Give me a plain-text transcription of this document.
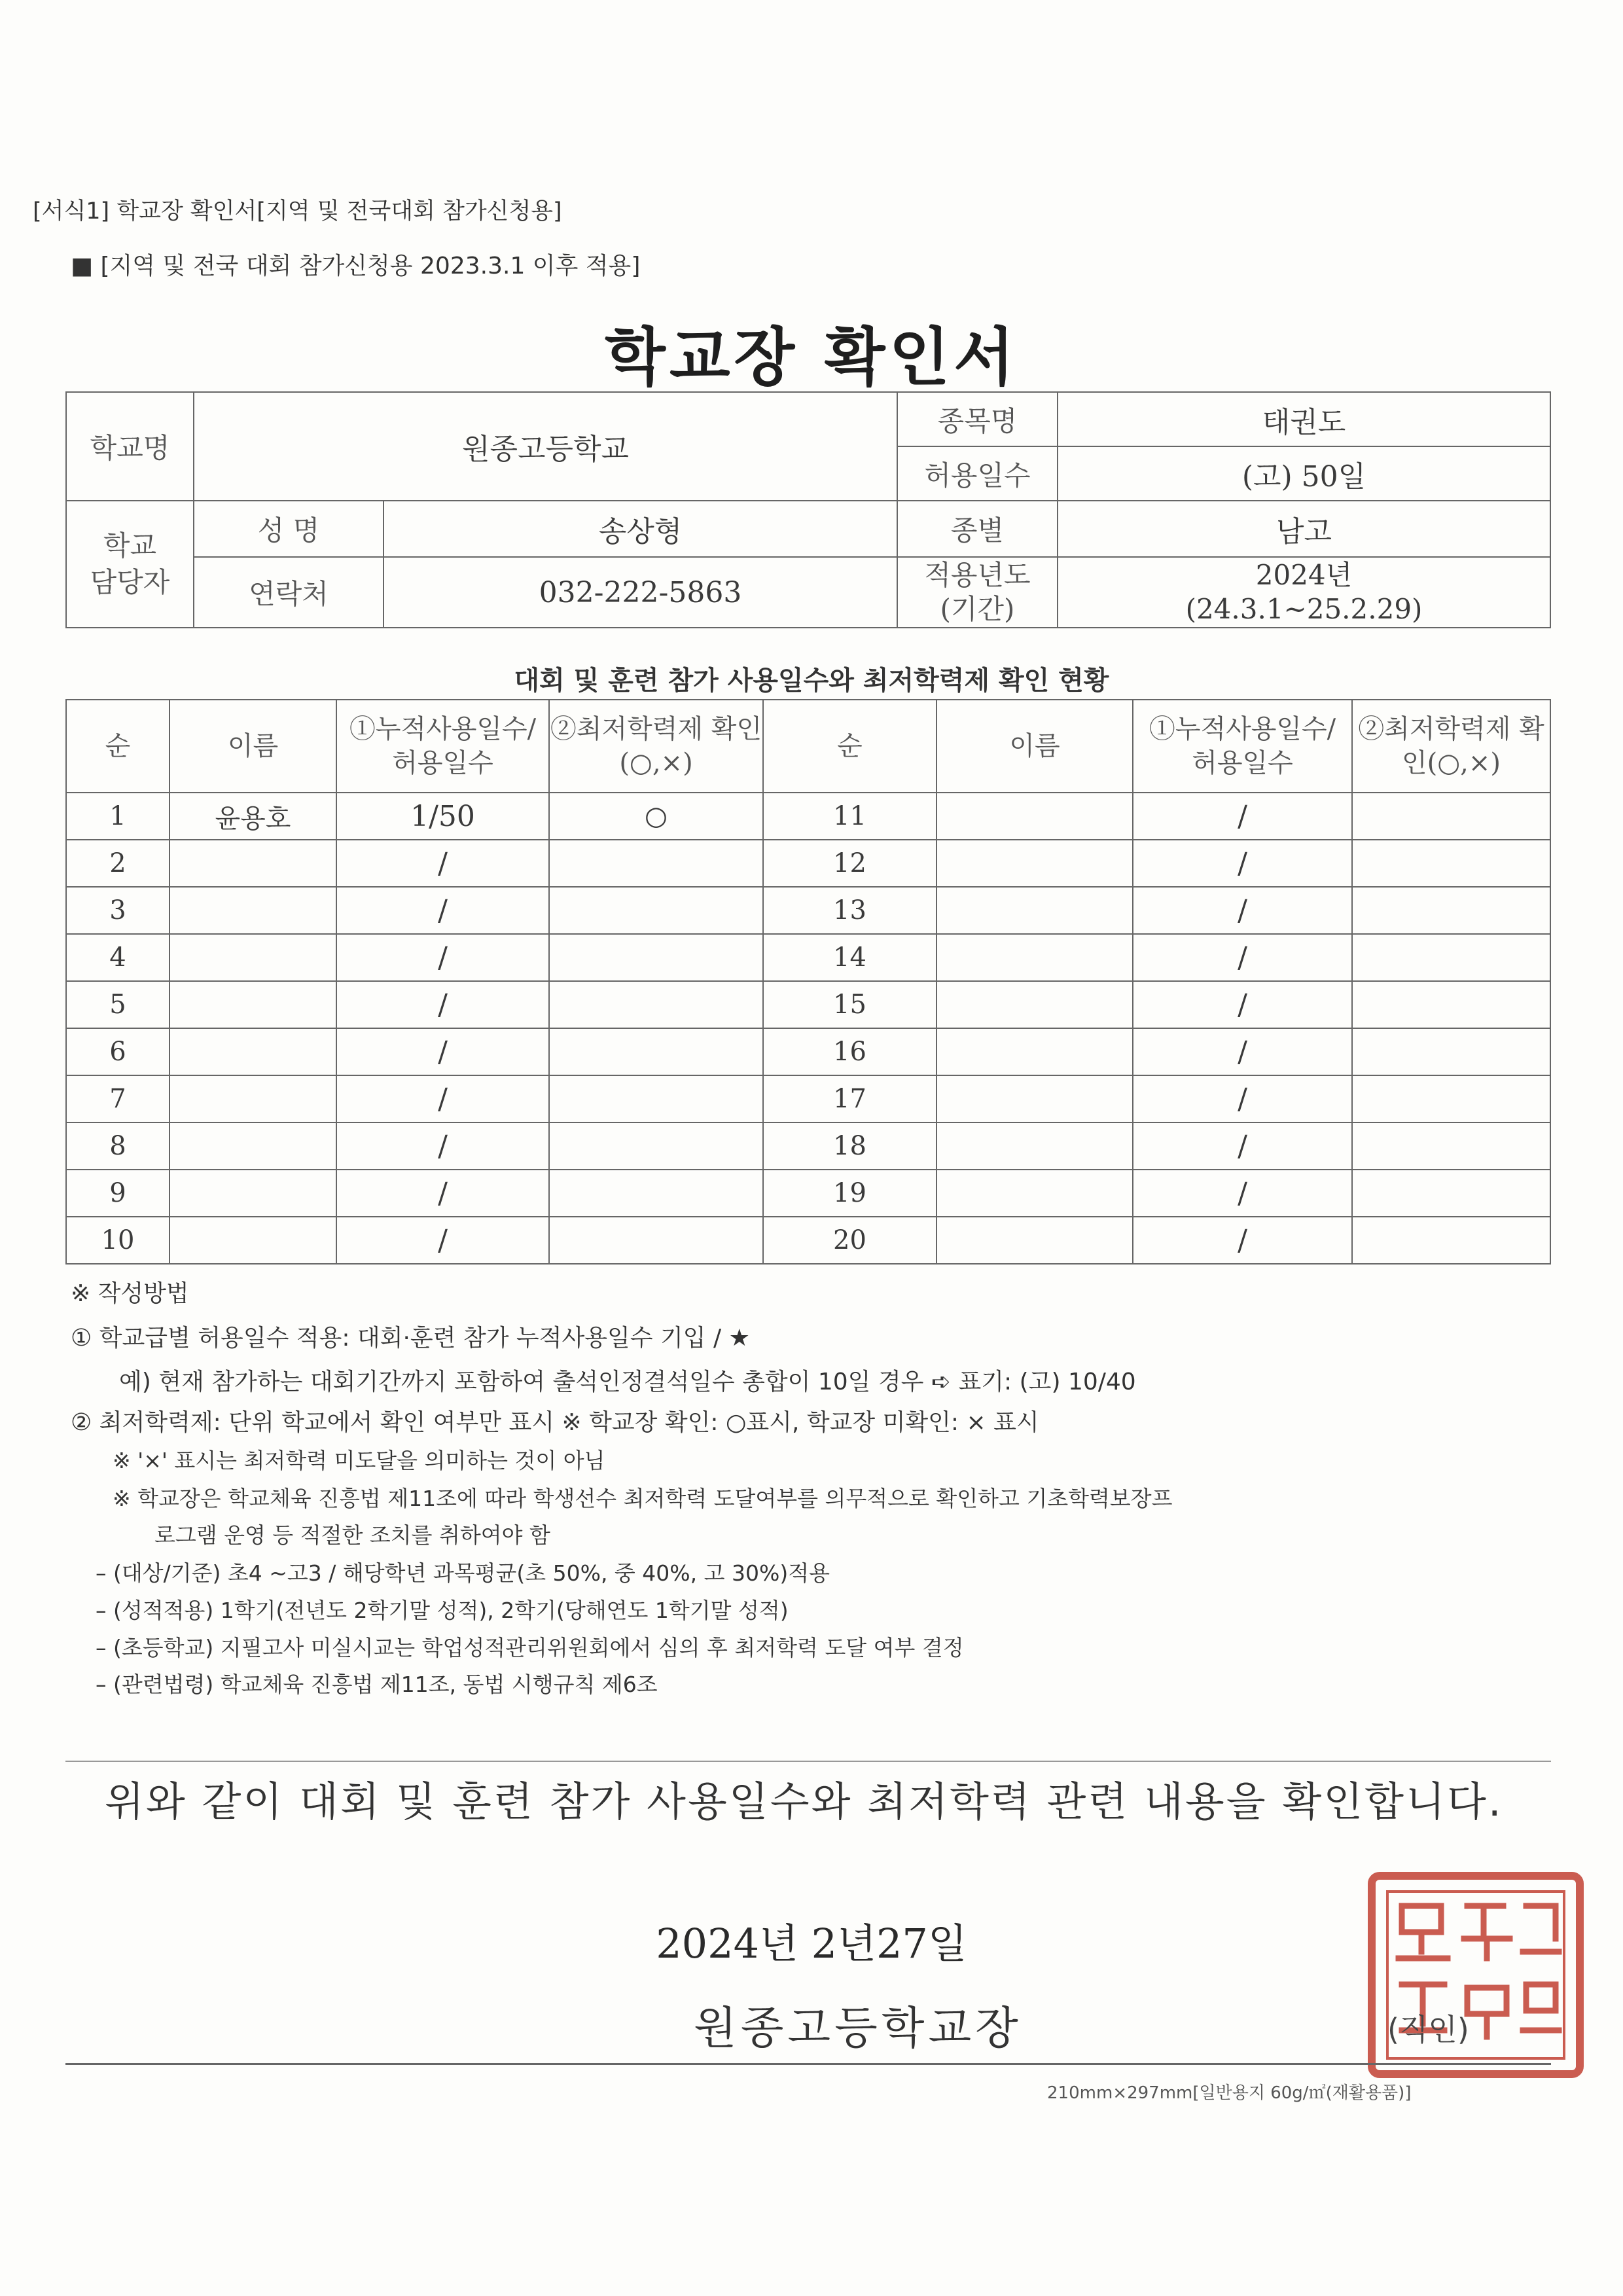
[서식1] 학교장 확인서[지역 및 전국대회 참가신청용]
■ [지역 및 전국 대회 참가신청용 2023.3.1 이후 적용]
학교장 확인서
학교명	원종고등학교		종목명	태권도
			허용일수	(고) 50일
학교 담당자	성 명	송상형	종별	남고
	연락처	032-222-5863	적용년도 (기간)	2024년
(24.3.1~25.2.29)
대회 및 훈련 참가 사용일수와 최저학력제 확인 현황
순	이름	①누적사용일수/ 허용일수	②최저학력제 확인(○,×)	순	이름	①누적사용일수/ 허용일수	②최저학력제 확인(○,×)
1	윤용호	1/50	○	11		/	
2		/		12		/	
3		/		13		/	
4		/		14		/	
5		/		15		/	
6		/		16		/	
7		/		17		/	
8		/		18		/	
9		/		19		/	
10		/		20		/	
※ 작성방법
① 학교급별 허용일수 적용: 대회·훈련 참가 누적사용일수 기입 / ★
예) 현재 참가하는 대회기간까지 포함하여 출석인정결석일수 총합이 10일 경우 ➪ 표기: (고) 10/40
② 최저학력제: 단위 학교에서 확인 여부만 표시 ※ 학교장 확인: ○표시, 학교장 미확인: × 표시
※ '×' 표시는 최저학력 미도달을 의미하는 것이 아님
※ 학교장은 학교체육 진흥법 제11조에 따라 학생선수 최저학력 도달여부를 의무적으로 확인하고 기초학력보장프
로그램 운영 등 적절한 조치를 취하여야 함
– (대상/기준) 초4 ~고3 / 해당학년 과목평균(초 50%, 중 40%, 고 30%)적용
– (성적적용) 1학기(전년도 2학기말 성적), 2학기(당해연도 1학기말 성적)
– (초등학교) 지필고사 미실시교는 학업성적관리위원회에서 심의 후 최저학력 도달 여부 결정
– (관련법령) 학교체육 진흥법 제11조, 동법 시행규칙 제6조
위와 같이 대회 및 훈련 참가 사용일수와 최저학력 관련 내용을 확인합니다.
2024년 2년27일
원종고등학교장	(직인)
210mm×297mm[일반용지 60g/㎡(재활용품)]
